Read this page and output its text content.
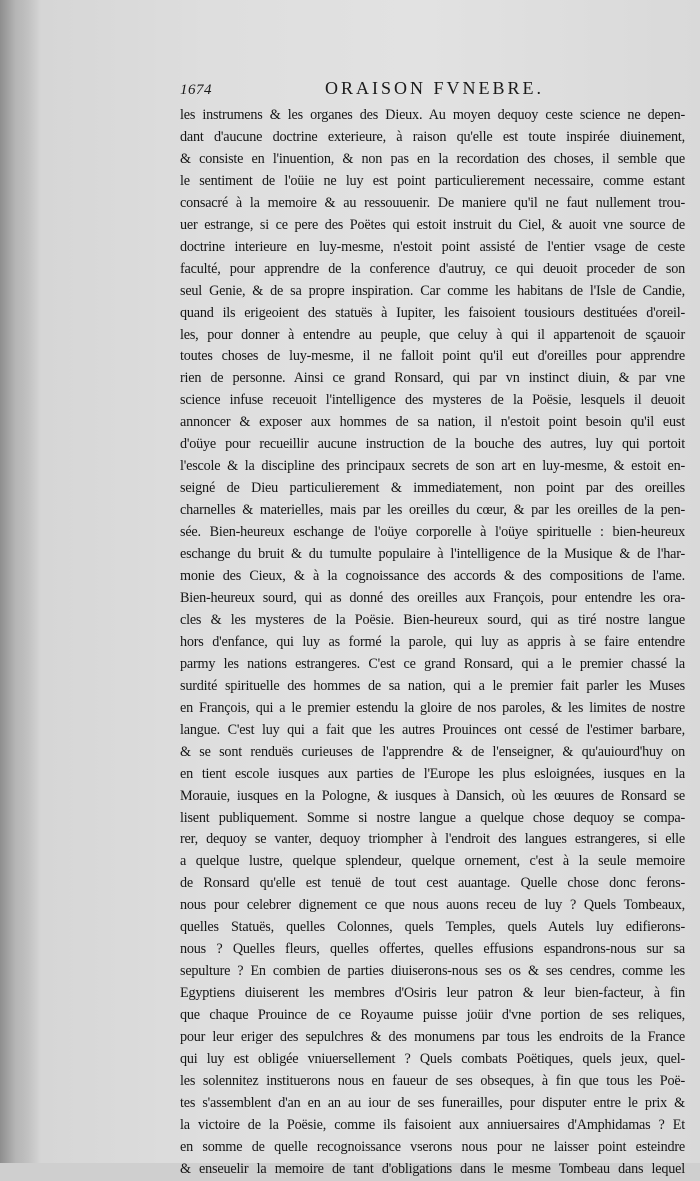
1674	ORAISON FVNEBRE.
les instrumens & les organes des Dieux. Au moyen dequoy ceste science ne depen-
dant d'aucune doctrine exterieure, à raison qu'elle est toute inspirée diuinement,
& consiste en l'inuention, & non pas en la recordation des choses, il semble que
le sentiment de l'oüie ne luy est point particulierement necessaire, comme estant
consacré à la memoire & au ressouuenir. De maniere qu'il ne faut nullement trou-
uer estrange, si ce pere des Poëtes qui estoit instruit du Ciel, & auoit vne source de
doctrine interieure en luy-mesme, n'estoit point assisté de l'entier vsage de ceste
faculté, pour apprendre de la conference d'autruy, ce qui deuoit proceder de son
seul Genie, & de sa propre inspiration. Car comme les habitans de l'Isle de Candie,
quand ils erigeoient des statuës à Iupiter, les faisoient tousiours destituées d'oreil-
les, pour donner à entendre au peuple, que celuy à qui il appartenoit de sçauoir
toutes choses de luy-mesme, il ne falloit point qu'il eut d'oreilles pour apprendre
rien de personne. Ainsi ce grand Ronsard, qui par vn instinct diuin, & par vne
science infuse receuoit l'intelligence des mysteres de la Poësie, lesquels il deuoit
annoncer & exposer aux hommes de sa nation, il n'estoit point besoin qu'il eust
d'oüye pour recueillir aucune instruction de la bouche des autres, luy qui portoit
l'escole & la discipline des principaux secrets de son art en luy-mesme, & estoit en-
seigné de Dieu particulierement & immediatement, non point par des oreilles
charnelles & materielles, mais par les oreilles du cœur, & par les oreilles de la pen-
sée. Bien-heureux eschange de l'oüye corporelle à l'oüye spirituelle : bien-heureux
eschange du bruit & du tumulte populaire à l'intelligence de la Musique & de l'har-
monie des Cieux, & à la cognoissance des accords & des compositions de l'ame.
Bien-heureux sourd, qui as donné des oreilles aux François, pour entendre les ora-
cles & les mysteres de la Poësie. Bien-heureux sourd, qui as tiré nostre langue
hors d'enfance, qui luy as formé la parole, qui luy as appris à se faire entendre
parmy les nations estrangeres. C'est ce grand Ronsard, qui a le premier chassé la
surdité spirituelle des hommes de sa nation, qui a le premier fait parler les Muses
en François, qui a le premier estendu la gloire de nos paroles, & les limites de nostre
langue. C'est luy qui a fait que les autres Prouinces ont cessé de l'estimer barbare,
& se sont renduës curieuses de l'apprendre & de l'enseigner, & qu'auiourd'huy on
en tient escole iusques aux parties de l'Europe les plus esloignées, iusques en la
Morauie, iusques en la Pologne, & iusques à Dansich, où les œuures de Ronsard se
lisent publiquement. Somme si nostre langue a quelque chose dequoy se compa-
rer, dequoy se vanter, dequoy triompher à l'endroit des langues estrangeres, si elle
a quelque lustre, quelque splendeur, quelque ornement, c'est à la seule memoire
de Ronsard qu'elle est tenuë de tout cest auantage. Quelle chose donc ferons-
nous pour celebrer dignement ce que nous auons receu de luy ? Quels Tombeaux,
quelles Statuës, quelles Colonnes, quels Temples, quels Autels luy edifierons-
nous ? Quelles fleurs, quelles offertes, quelles effusions espandrons-nous sur sa
sepulture ? En combien de parties diuiserons-nous ses os & ses cendres, comme les
Egyptiens diuiserent les membres d'Osiris leur patron & leur bien-facteur, à fin
que chaque Prouince de ce Royaume puisse joüir d'vne portion de ses reliques,
pour leur eriger des sepulchres & des monumens par tous les endroits de la France
qui luy est obligée vniuersellement ? Quels combats Poëtiques, quels jeux, quel-
les solennitez instituerons nous en faueur de ses obseques, à fin que tous les Poë-
tes s'assemblent d'an en an au iour de ses funerailles, pour disputer entre le prix &
la victoire de la Poësie, comme ils faisoient aux anniuersaires d'Amphidamas ? Et
en somme de quelle recognoissance vserons nous pour ne laisser point esteindre
& enseuelir la memoire de tant d'obligations dans le mesme Tombeau dans lequel
